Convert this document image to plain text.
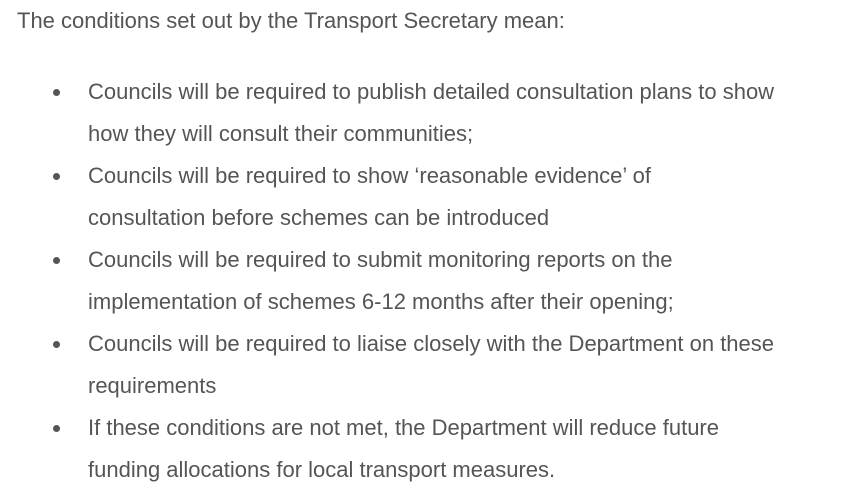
The conditions set out by the Transport Secretary mean:

Councils will be required to publish detailed consultation plans to show
how they will consult their communities;
Councils will be required to show ‘reasonable evidence’ of
consultation before schemes can be introduced
Councils will be required to submit monitoring reports on the
implementation of schemes 6-12 months after their opening;
Councils will be required to liaise closely with the Department on these
requirements
If these conditions are not met, the Department will reduce future
funding allocations for local transport measures.
